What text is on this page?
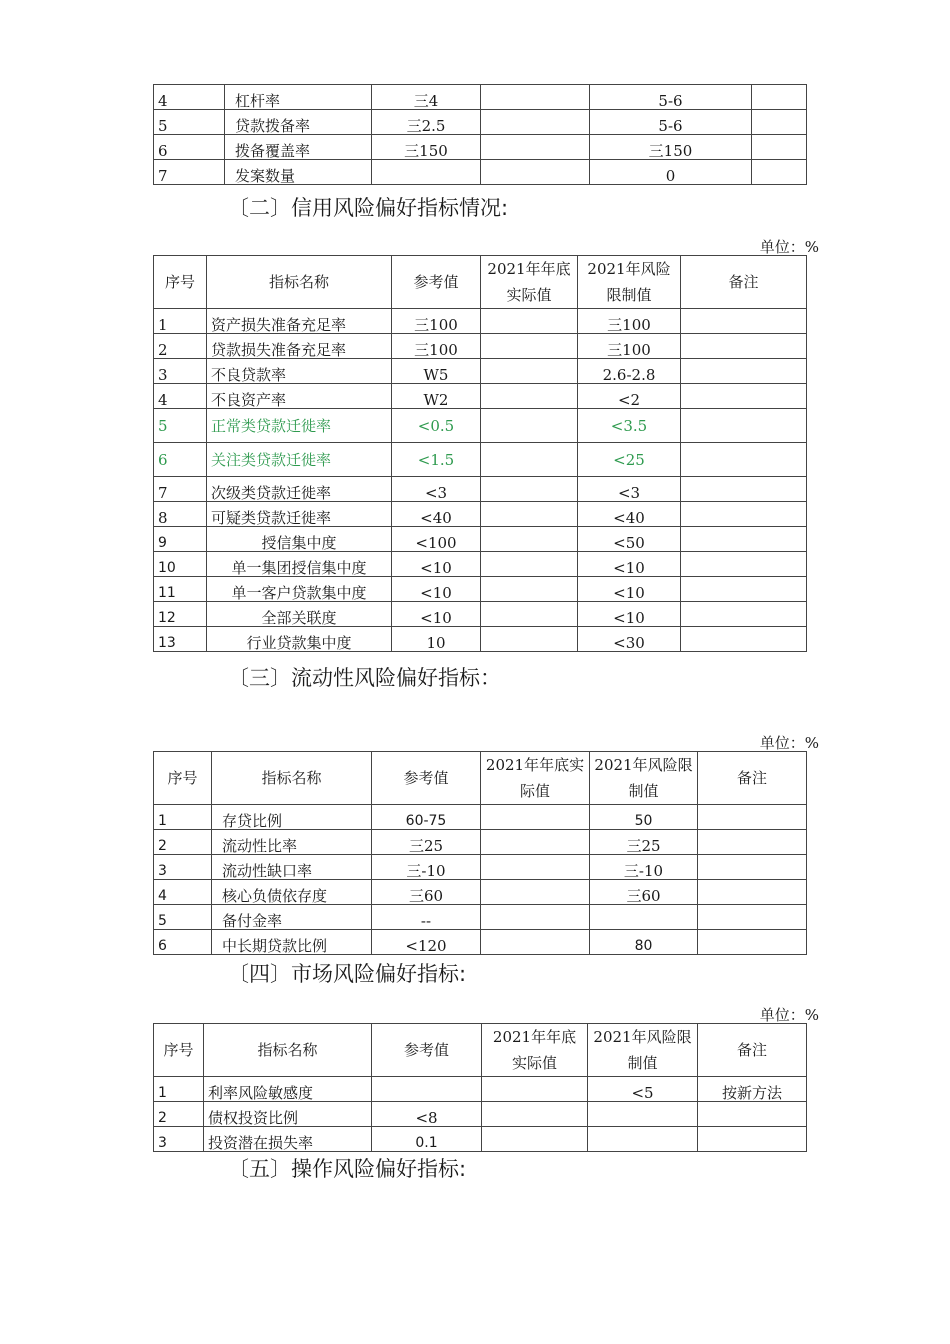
4	杠杆率	三4		5-6	
5	贷款拨备率	三2.5		5-6	
6	拨备覆盖率	三150		三150	
7	发案数量			0	
〔二〕信用风险偏好指标情况:
单位：%
序号	指标名称	参考值	2021年年底实际值	2021年风险限制值	备注
1	资产损失准备充足率	三100		三100	
2	贷款损失准备充足率	三100		三100	
3	不良贷款率	W5		2.6-2.8	
4	不良资产率	W2		<2	
5	正常类贷款迁徙率	<0.5		<3.5	
6	关注类贷款迁徙率	<1.5		<25	
7	次级类贷款迁徙率	<3		<3	
8	可疑类贷款迁徙率	<40		<40	
9	授信集中度	<100		<50	
10	单一集团授信集中度	<10		<10	
11	单一客户贷款集中度	<10		<10	
12	全部关联度	<10		<10	
13	行业贷款集中度	10		<30	
〔三〕流动性风险偏好指标：
单位：%
序号	指标名称	参考值	2021年年底实际值	2021年风险限制值	备注
1	存贷比例	60-75		50	
2	流动性比率	三25		三25	
3	流动性缺口率	三-10		三-10	
4	核心负债依存度	三60		三60	
5	备付金率	--			
6	中长期贷款比例	<120		80	
〔四〕市场风险偏好指标:
单位：%
序号	指标名称	参考值	2021年年底实际值	2021年风险限制值	备注
1	利率风险敏感度			<5	按新方法
2	债权投资比例	<8			
3	投资潜在损失率	0.1			
〔五〕操作风险偏好指标:
